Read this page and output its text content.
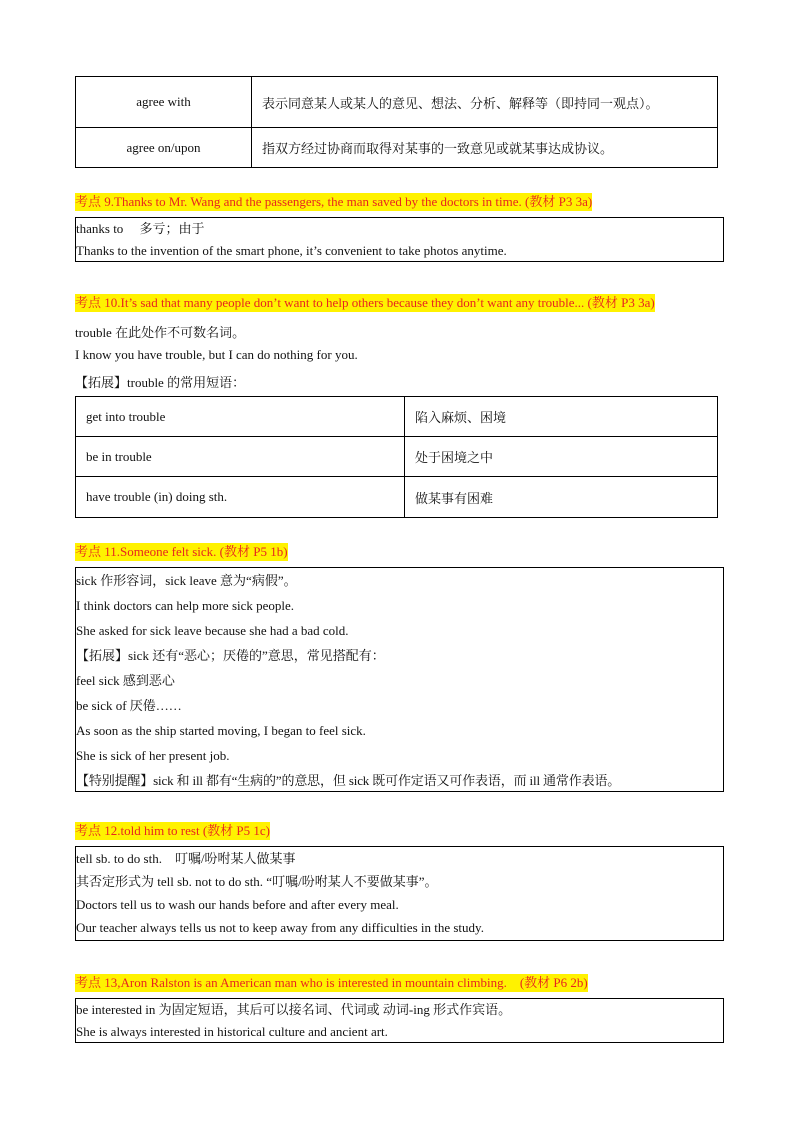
agree with	表示同意某人或某人的意见、想法、分析、解释等（即持同一观点）。
agree on/upon	指双方经过协商而取得对某事的一致意见或就某事达成协议。
考点 9.Thanks to Mr. Wang and the passengers, the man saved by the doctors in time. (教材 P3 3a)
thanks to　 多亏；由于
Thanks to the invention of the smart phone, it’s convenient to take photos anytime.
考点 10.It’s sad that many people don’t want to help others because they don’t want any trouble... (教材 P3 3a)
trouble 在此处作不可数名词。
I know you have trouble, but I can do nothing for you.
【拓展】trouble 的常用短语：
get into trouble	陷入麻烦、困境
be in trouble	处于困境之中
have trouble (in) doing sth.	做某事有困难
考点 11.Someone felt sick. (教材 P5 1b)
sick 作形容词，sick leave 意为“病假”。
I think doctors can help more sick people.
She asked for sick leave because she had a bad cold.
【拓展】sick 还有“恶心；厌倦的”意思，常见搭配有：
feel sick 感到恶心
be sick of 厌倦……
As soon as the ship started moving, I began to feel sick.
She is sick of her present job.
【特别提醒】sick 和 ill 都有“生病的”的意思，但 sick 既可作定语又可作表语，而 ill 通常作表语。
考点 12.told him to rest (教材 P5 1c)
tell sb. to do sth.　叮嘱/吩咐某人做某事
其否定形式为 tell sb. not to do sth. “叮嘱/吩咐某人不要做某事”。
Doctors tell us to wash our hands before and after every meal.
Our teacher always tells us not to keep away from any difficulties in the study.
考点 13,Aron Ralston is an American man who is interested in mountain climbing.　(教材 P6 2b)
be interested in 为固定短语，其后可以接名词、代词或 动词-ing 形式作宾语。
She is always interested in historical culture and ancient art.
